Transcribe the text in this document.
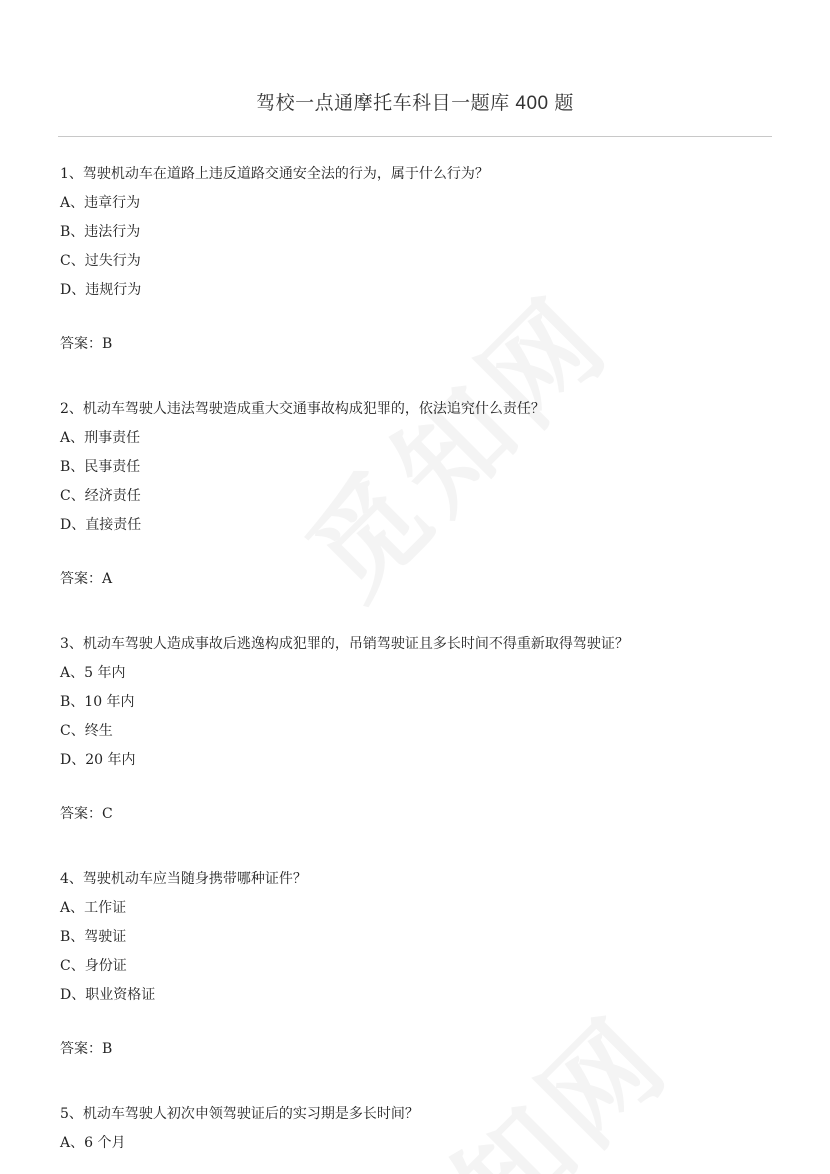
驾校一点通摩托车科目一题库 400 题
1、驾驶机动车在道路上违反道路交通安全法的行为，属于什么行为？
A、违章行为
B、违法行为
C、过失行为
D、违规行为
答案：B
2、机动车驾驶人违法驾驶造成重大交通事故构成犯罪的，依法追究什么责任？
A、刑事责任
B、民事责任
C、经济责任
D、直接责任
答案：A
3、机动车驾驶人造成事故后逃逸构成犯罪的，吊销驾驶证且多长时间不得重新取得驾驶证？
A、5 年内
B、10 年内
C、终生
D、20 年内
答案：C
4、驾驶机动车应当随身携带哪种证件？
A、工作证
B、驾驶证
C、身份证
D、职业资格证
答案：B
5、机动车驾驶人初次申领驾驶证后的实习期是多长时间？
A、6 个月
